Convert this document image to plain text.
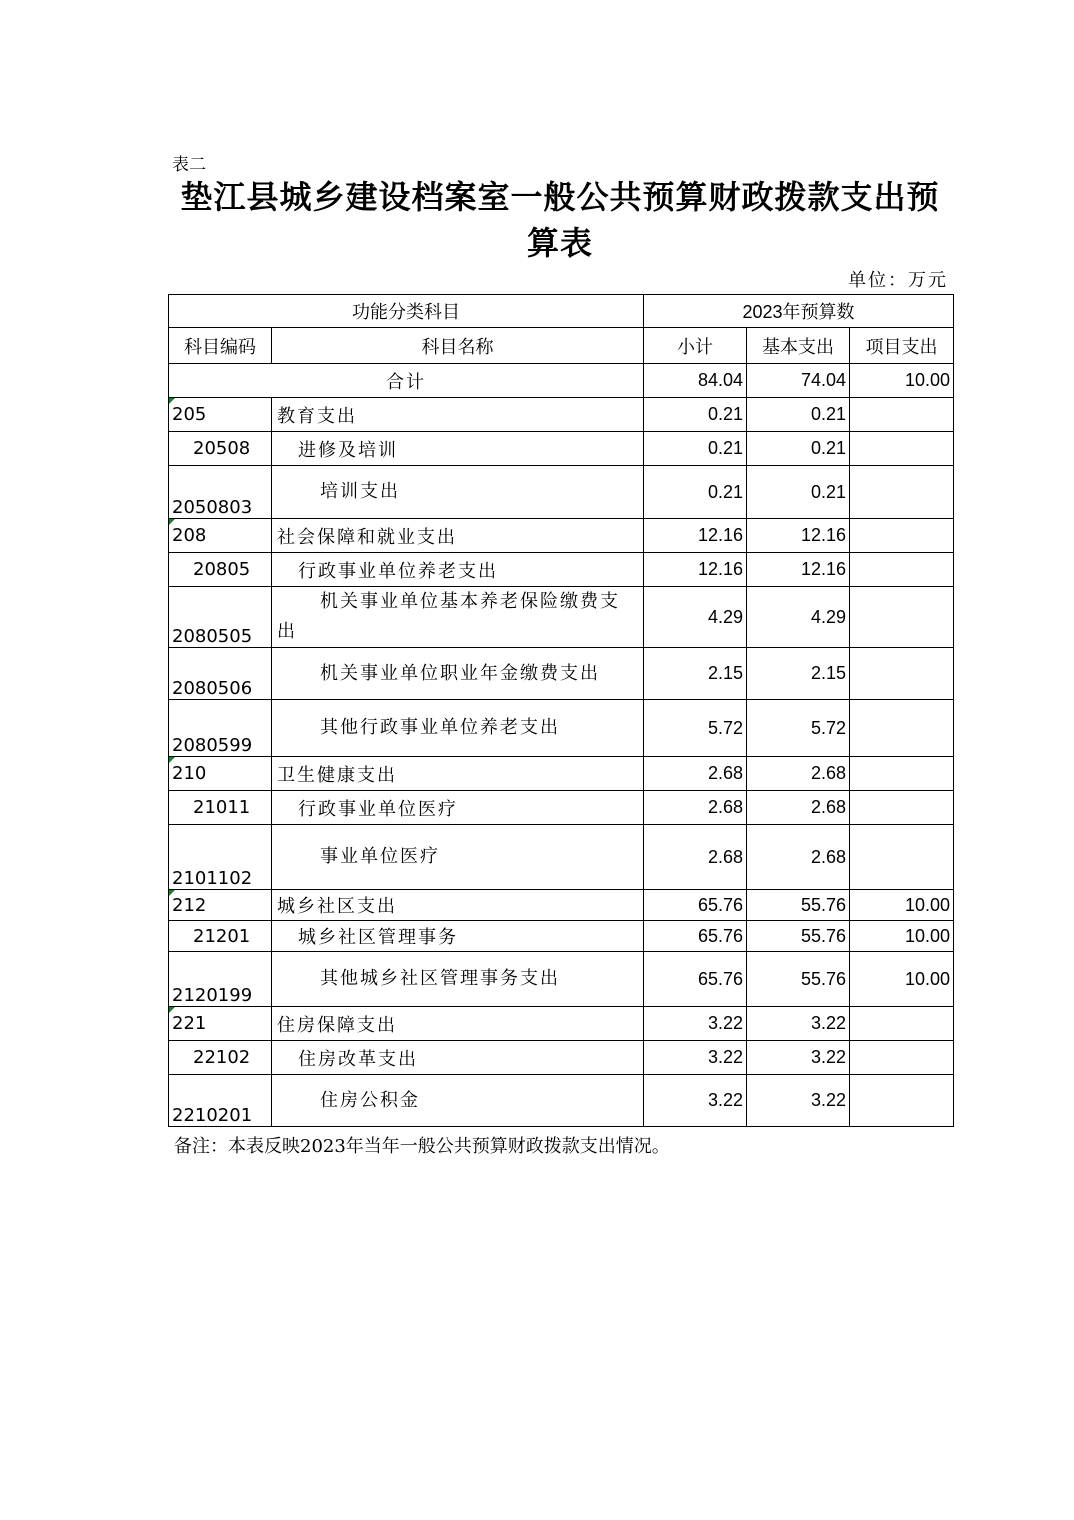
表二
垫江县城乡建设档案室一般公共预算财政拨款支出预算表
单位：万元
功能分类科目		2023年预算数		
科目编码	科目名称	小计	基本支出	项目支出
合计		84.04	74.04	10.00

205	教育支出	0.21	0.21	
20508	进修及培训	0.21	0.21	
2050803	培训支出	0.21	0.21	

208	社会保障和就业支出	12.16	12.16	
20805	行政事业单位养老支出	12.16	12.16	
2080505	机关事业单位基本养老保险缴费支出	4.29	4.29	
2080506	机关事业单位职业年金缴费支出	2.15	2.15	
2080599	其他行政事业单位养老支出	5.72	5.72	

210	卫生健康支出	2.68	2.68	
21011	行政事业单位医疗	2.68	2.68	
2101102	事业单位医疗	2.68	2.68	

212	城乡社区支出	65.76	55.76	10.00
21201	城乡社区管理事务	65.76	55.76	10.00
2120199	其他城乡社区管理事务支出	65.76	55.76	10.00

221	住房保障支出	3.22	3.22	
22102	住房改革支出	3.22	3.22	
2210201	住房公积金	3.22	3.22	
备注：本表反映2023年当年一般公共预算财政拨款支出情况。
